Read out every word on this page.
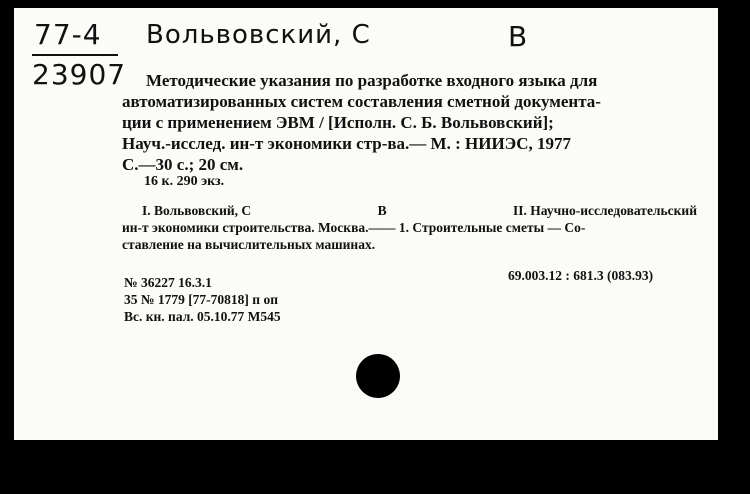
77-4
23907
Вольвовский, С	В
Методические указания по разработке входного языка для
автоматизированных систем составления сметной документа-
ции с применением ЭВМ / [Исполн. С. Б. Вольвовский];
Науч.-исслед. ин-т экономики стр-ва.— М. : НИИЭС, 1977
С.—30 с.; 20 см.
16 к. 290 экз.
I. Вольвовский, С	В	II. Научно-исследовательский
ин-т экономики строительства. Москва.—— 1. Строительные сметы — Со-
ставление на вычислительных машинах.
69.003.12 : 681.3 (083.93)
№ 36227 16.3.1
35 № 1779 [77-70818] п оп
Вс. кн. пал. 05.10.77 М545
